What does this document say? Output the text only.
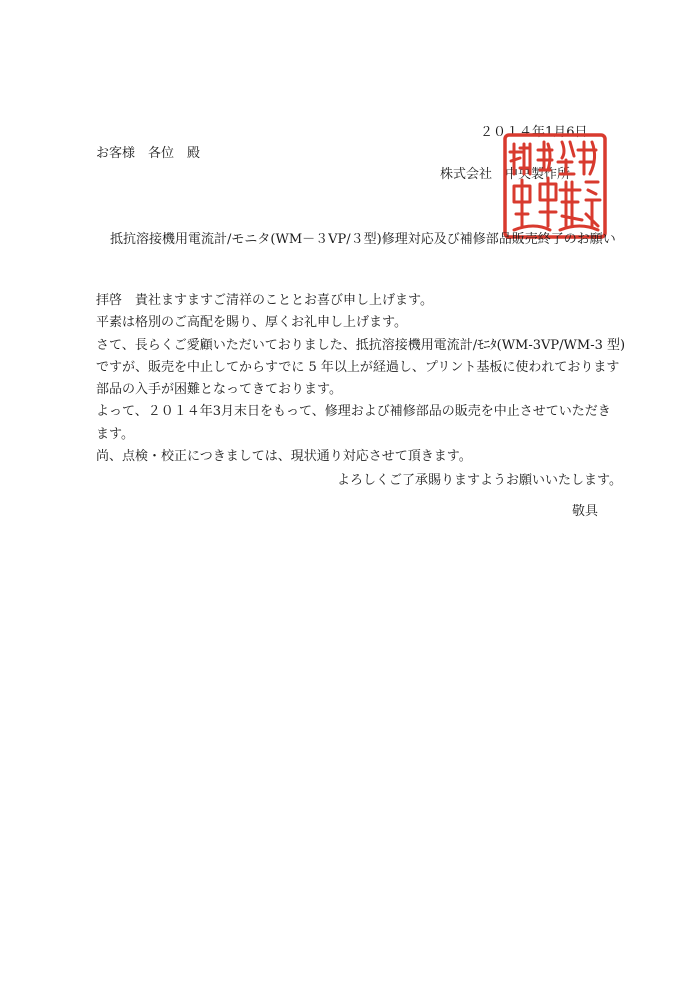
２０１４年1月6日

お客様　各位　殿

株式会社　中央製作所

抵抗溶接機用電流計/モニタ(WM－３VP/３型)修理対応及び補修部品販売終了のお願い

拝啓　貴社ますますご清祥のこととお喜び申し上げます。
平素は格別のご高配を賜り、厚くお礼申し上げます。
さて、長らくご愛顧いただいておりました、抵抗溶接機用電流計/ﾓﾆﾀ(WM-3VP/WM-3 型)
ですが、販売を中止してからすでに 5 年以上が経過し、プリント基板に使われております
部品の入手が困難となってきております。
よって、２０１４年3月末日をもって、修理および補修部品の販売を中止させていただき
ます。
尚、点検・校正につきましては、現状通り対応させて頂きます。

よろしくご了承賜りますようお願いいたします。

敬具
